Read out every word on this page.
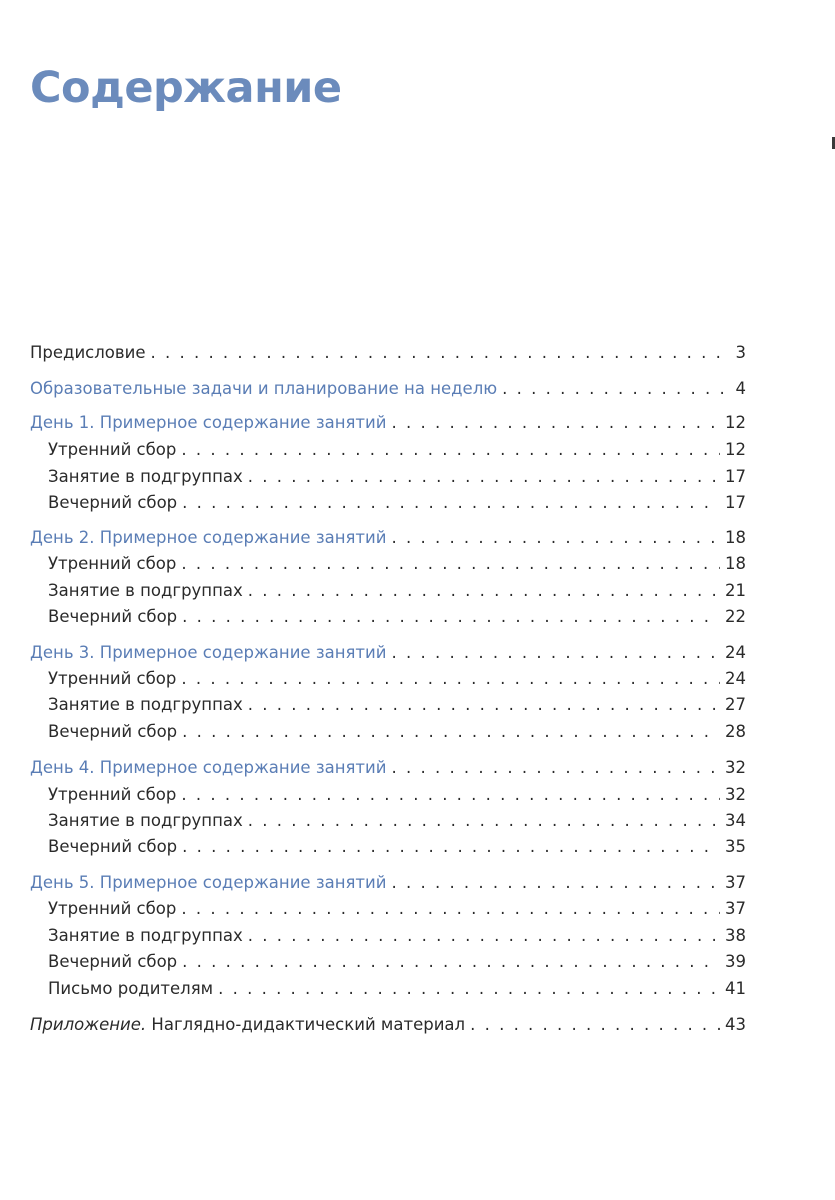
Содержание
Предисловие . . .	3
Образовательные задачи и планирование на неделю . . .	4
День 1. Примерное содержание занятий . . .	12
Утренний сбор . . .	12
Занятие в подгруппах . . .	17
Вечерний сбор . . .	17
День 2. Примерное содержание занятий . . .	18
Утренний сбор . . .	18
Занятие в подгруппах . . .	21
Вечерний сбор . . .	22
День 3. Примерное содержание занятий . . .	24
Утренний сбор . . .	24
Занятие в подгруппах . . .	27
Вечерний сбор . . .	28
День 4. Примерное содержание занятий . . .	32
Утренний сбор . . .	32
Занятие в подгруппах . . .	34
Вечерний сбор . . .	35
День 5. Примерное содержание занятий . . .	37
Утренний сбор . . .	37
Занятие в подгруппах . . .	38
Вечерний сбор . . .	39
Письмо родителям . . .	41
Приложение. Наглядно-дидактический материал . . .	43
